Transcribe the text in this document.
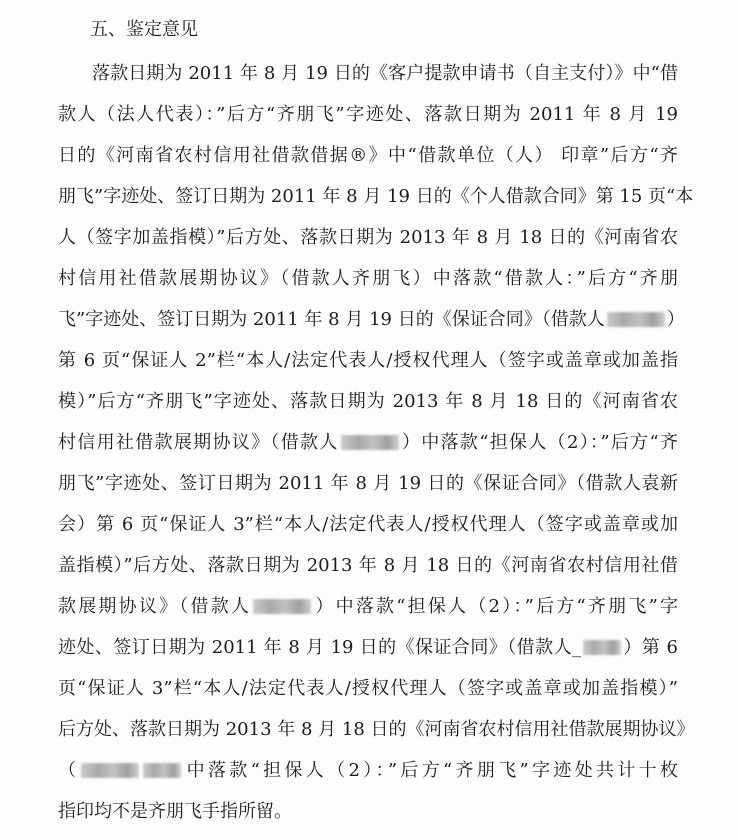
五、鉴定意见
落款日期为 2011 年 8 月 19 日的《客户提款申请书（自主支付）》中“借
款人（法人代表）：”后方“齐朋飞”字迹处、落款日期为 2011 年 8 月 19
日的《河南省农村信用社借款借据®》中“借款单位（人） 印章”后方“齐
朋飞”字迹处、签订日期为 2011 年 8 月 19 日的《个人借款合同》第 15 页“本
人（签字加盖指模）”后方处、落款日期为 2013 年 8 月 18 日的《河南省农
村信用社借款展期协议》（借款人齐朋飞）中落款“借款人：”后方“齐朋
飞”字迹处、签订日期为 2011 年 8 月 19 日的《保证合同》（借款人	）
第 6 页“保证人 2”栏“本人/法定代表人/授权代理人（签字或盖章或加盖指
模）”后方“齐朋飞”字迹处、落款日期为 2013 年 8 月 18 日的《河南省农
村信用社借款展期协议》（借款人	）中落款“担保人（2）：”后方“齐
朋飞”字迹处、签订日期为 2011 年 8 月 19 日的《保证合同》（借款人袁新
会）第 6 页“保证人 3”栏“本人/法定代表人/授权代理人（签字或盖章或加
盖指模）”后方处、落款日期为 2013 年 8 月 18 日的《河南省农村信用社借
款展期协议》（借款人	）中落款“担保人（2）：”后方“齐朋飞”字
迹处、签订日期为 2011 年 8 月 19 日的《保证合同》（借款人_ ）第 6
页“保证人 3”栏“本人/法定代表人/授权代理人（签字或盖章或加盖指模）”
后方处、落款日期为 2013 年 8 月 18 日的《河南省农村信用社借款展期协议》
（	中落款“担保人（2）：”后方“齐朋飞”字迹处共计十枚
指印均不是齐朋飞手指所留。
